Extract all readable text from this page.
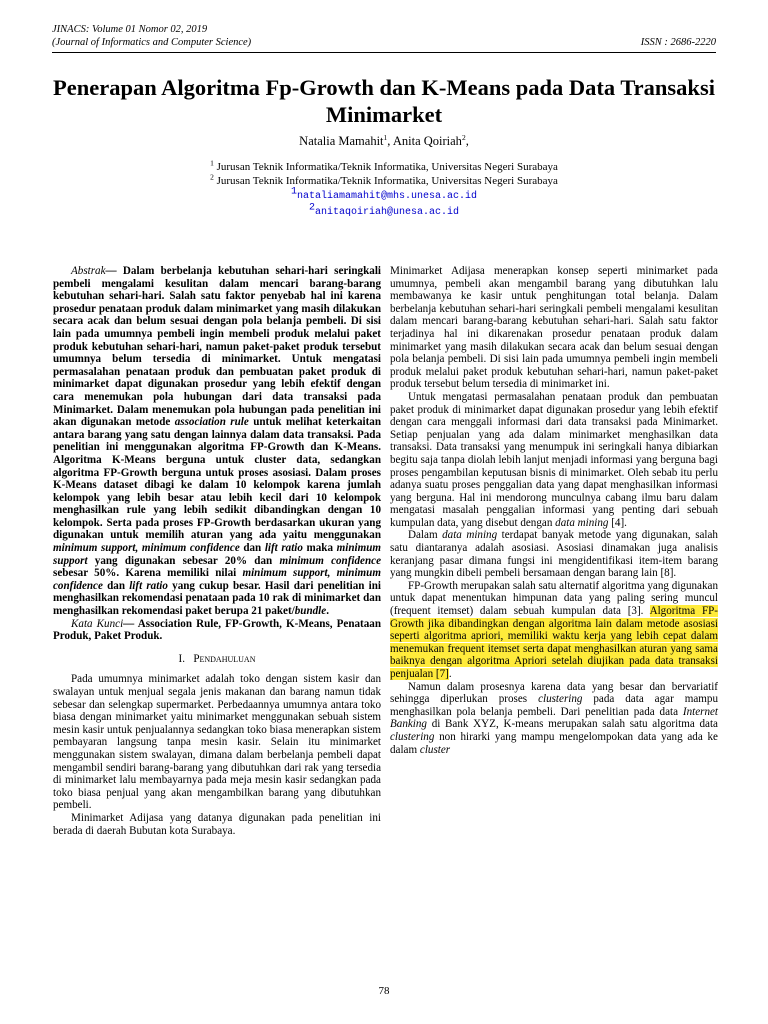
JINACS: Volume 01 Nomor 02, 2019
(Journal of Informatics and Computer Science)	ISSN : 2686-2220
Penerapan Algoritma Fp-Growth dan K-Means pada Data Transaksi Minimarket
Natalia Mamahit$^1$, Anita Qoiriah$^2$,
$^1$ Jurusan Teknik Informatika/Teknik Informatika, Universitas Negeri Surabaya
$^2$ Jurusan Teknik Informatika/Teknik Informatika, Universitas Negeri Surabaya
$^1$nataliamamahit@mhs.unesa.ac.id
$^2$anitaqoiriah@unesa.ac.id

Abstrak— Dalam berbelanja kebutuhan sehari-hari seringkali pembeli mengalami kesulitan dalam mencari barang-barang kebutuhan sehari-hari. Salah satu faktor penyebab hal ini karena prosedur penataan produk dalam minimarket yang masih dilakukan secara acak dan belum sesuai dengan pola belanja pembeli. Di sisi lain pada umumnya pembeli ingin membeli produk melalui paket produk kebutuhan sehari-hari, namun paket-paket produk tersebut umumnya belum tersedia di minimarket. Untuk mengatasi permasalahan penataan produk dan pembuatan paket produk di minimarket dapat digunakan prosedur yang lebih efektif dengan cara menemukan pola hubungan dari data transaksi pada Minimarket. Dalam menemukan pola hubungan pada penelitian ini akan digunakan metode association rule untuk melihat keterkaitan antara barang yang satu dengan lainnya dalam data transaksi. Pada penelitian ini menggunakan algoritma FP-Growth dan K-Means. Algoritma K-Means berguna untuk cluster data, sedangkan algoritma FP-Growth berguna untuk proses asosiasi. Dalam proses K-Means dataset dibagi ke dalam 10 kelompok karena jumlah kelompok yang lebih besar atau lebih kecil dari 10 kelompok menghasilkan rule yang lebih sedikit dibandingkan dengan 10 kelompok. Serta pada proses FP-Growth berdasarkan ukuran yang digunakan untuk memilih aturan yang ada yaitu menggunakan minimum support, minimum confidence dan lift ratio maka minimum support yang digunakan sebesar 20% dan minimum confidence sebesar 50%. Karena memiliki nilai minimum support, minimum confidence dan lift ratio yang cukup besar. Hasil dari penelitian ini menghasilkan rekomendasi penataan pada 10 rak di minimarket dan menghasilkan rekomendasi paket berupa 21 paket/bundle.

Kata Kunci— Association Rule, FP-Growth, K-Means, Penataan Produk, Paket Produk.

I. Pendahuluan

Pada umumnya minimarket adalah toko dengan sistem kasir dan swalayan untuk menjual segala jenis makanan dan barang namun tidak sebesar dan selengkap supermarket. Perbedaannya umumnya antara toko biasa dengan minimarket yaitu minimarket menggunakan sebuah sistem mesin kasir untuk penjualannya sedangkan toko biasa menerapkan sistem pembayaran langsung tanpa mesin kasir. Selain itu minimarket menggunakan sistem swalayan, dimana dalam berbelanja pembeli dapat mengambil sendiri barang-barang yang dibutuhkan dari rak yang tersedia di minimarket lalu membayarnya pada meja mesin kasir sedangkan pada toko biasa penjual yang akan mengambilkan barang yang dibutuhkan pembeli.

Minimarket Adijasa yang datanya digunakan pada penelitian ini berada di daerah Bubutan kota Surabaya.

Minimarket Adijasa menerapkan konsep seperti minimarket pada umumnya, pembeli akan mengambil barang yang dibutuhkan lalu membawanya ke kasir untuk penghitungan total belanja. Dalam berbelanja kebutuhan sehari-hari seringkali pembeli mengalami kesulitan dalam mencari barang-barang kebutuhan sehari-hari. Salah satu faktor terjadinya hal ini dikarenakan prosedur penataan produk dalam minimarket yang masih dilakukan secara acak dan belum sesuai dengan pola belanja pembeli. Di sisi lain pada umumnya pembeli ingin membeli produk melalui paket produk kebutuhan sehari-hari, namun paket-paket produk tersebut belum tersedia di minimarket ini.

Untuk mengatasi permasalahan penataan produk dan pembuatan paket produk di minimarket dapat digunakan prosedur yang lebih efektif dengan cara menggali informasi dari data transaksi pada Minimarket. Setiap penjualan yang ada dalam minimarket menghasilkan data transaksi. Data transaksi yang menumpuk ini seringkali hanya dibiarkan begitu saja tanpa diolah lebih lanjut menjadi informasi yang berguna bagi proses pengambilan keputusan bisnis di minimarket. Oleh sebab itu perlu adanya suatu proses penggalian data yang dapat menghasilkan informasi yang berguna. Hal ini mendorong munculnya cabang ilmu baru dalam mengatasi masalah penggalian informasi yang penting dari sebuah kumpulan data, yang disebut dengan data mining [4].

Dalam data mining terdapat banyak metode yang digunakan, salah satu diantaranya adalah asosiasi. Asosiasi dinamakan juga analisis keranjang pasar dimana fungsi ini mengidentifikasi item-item barang yang mungkin dibeli pembeli bersamaan dengan barang lain [8].

FP-Growth merupakan salah satu alternatif algoritma yang digunakan untuk dapat menentukan himpunan data yang paling sering muncul (frequent itemset) dalam sebuah kumpulan data [3]. Algoritma FP-Growth jika dibandingkan dengan algoritma lain dalam metode asosiasi seperti algoritma apriori, memiliki waktu kerja yang lebih cepat dalam menemukan frequent itemset serta dapat menghasilkan aturan yang sama baiknya dengan algoritma Apriori setelah diujikan pada data transaksi penjualan [7].

Namun dalam prosesnya karena data yang besar dan bervariatif sehingga diperlukan proses clustering pada data agar mampu menghasilkan pola belanja pembeli. Dari penelitian pada data Internet Banking di Bank XYZ, K-means merupakan salah satu algoritma data clustering non hirarki yang mampu mengelompokan data yang ada ke dalam cluster

78
